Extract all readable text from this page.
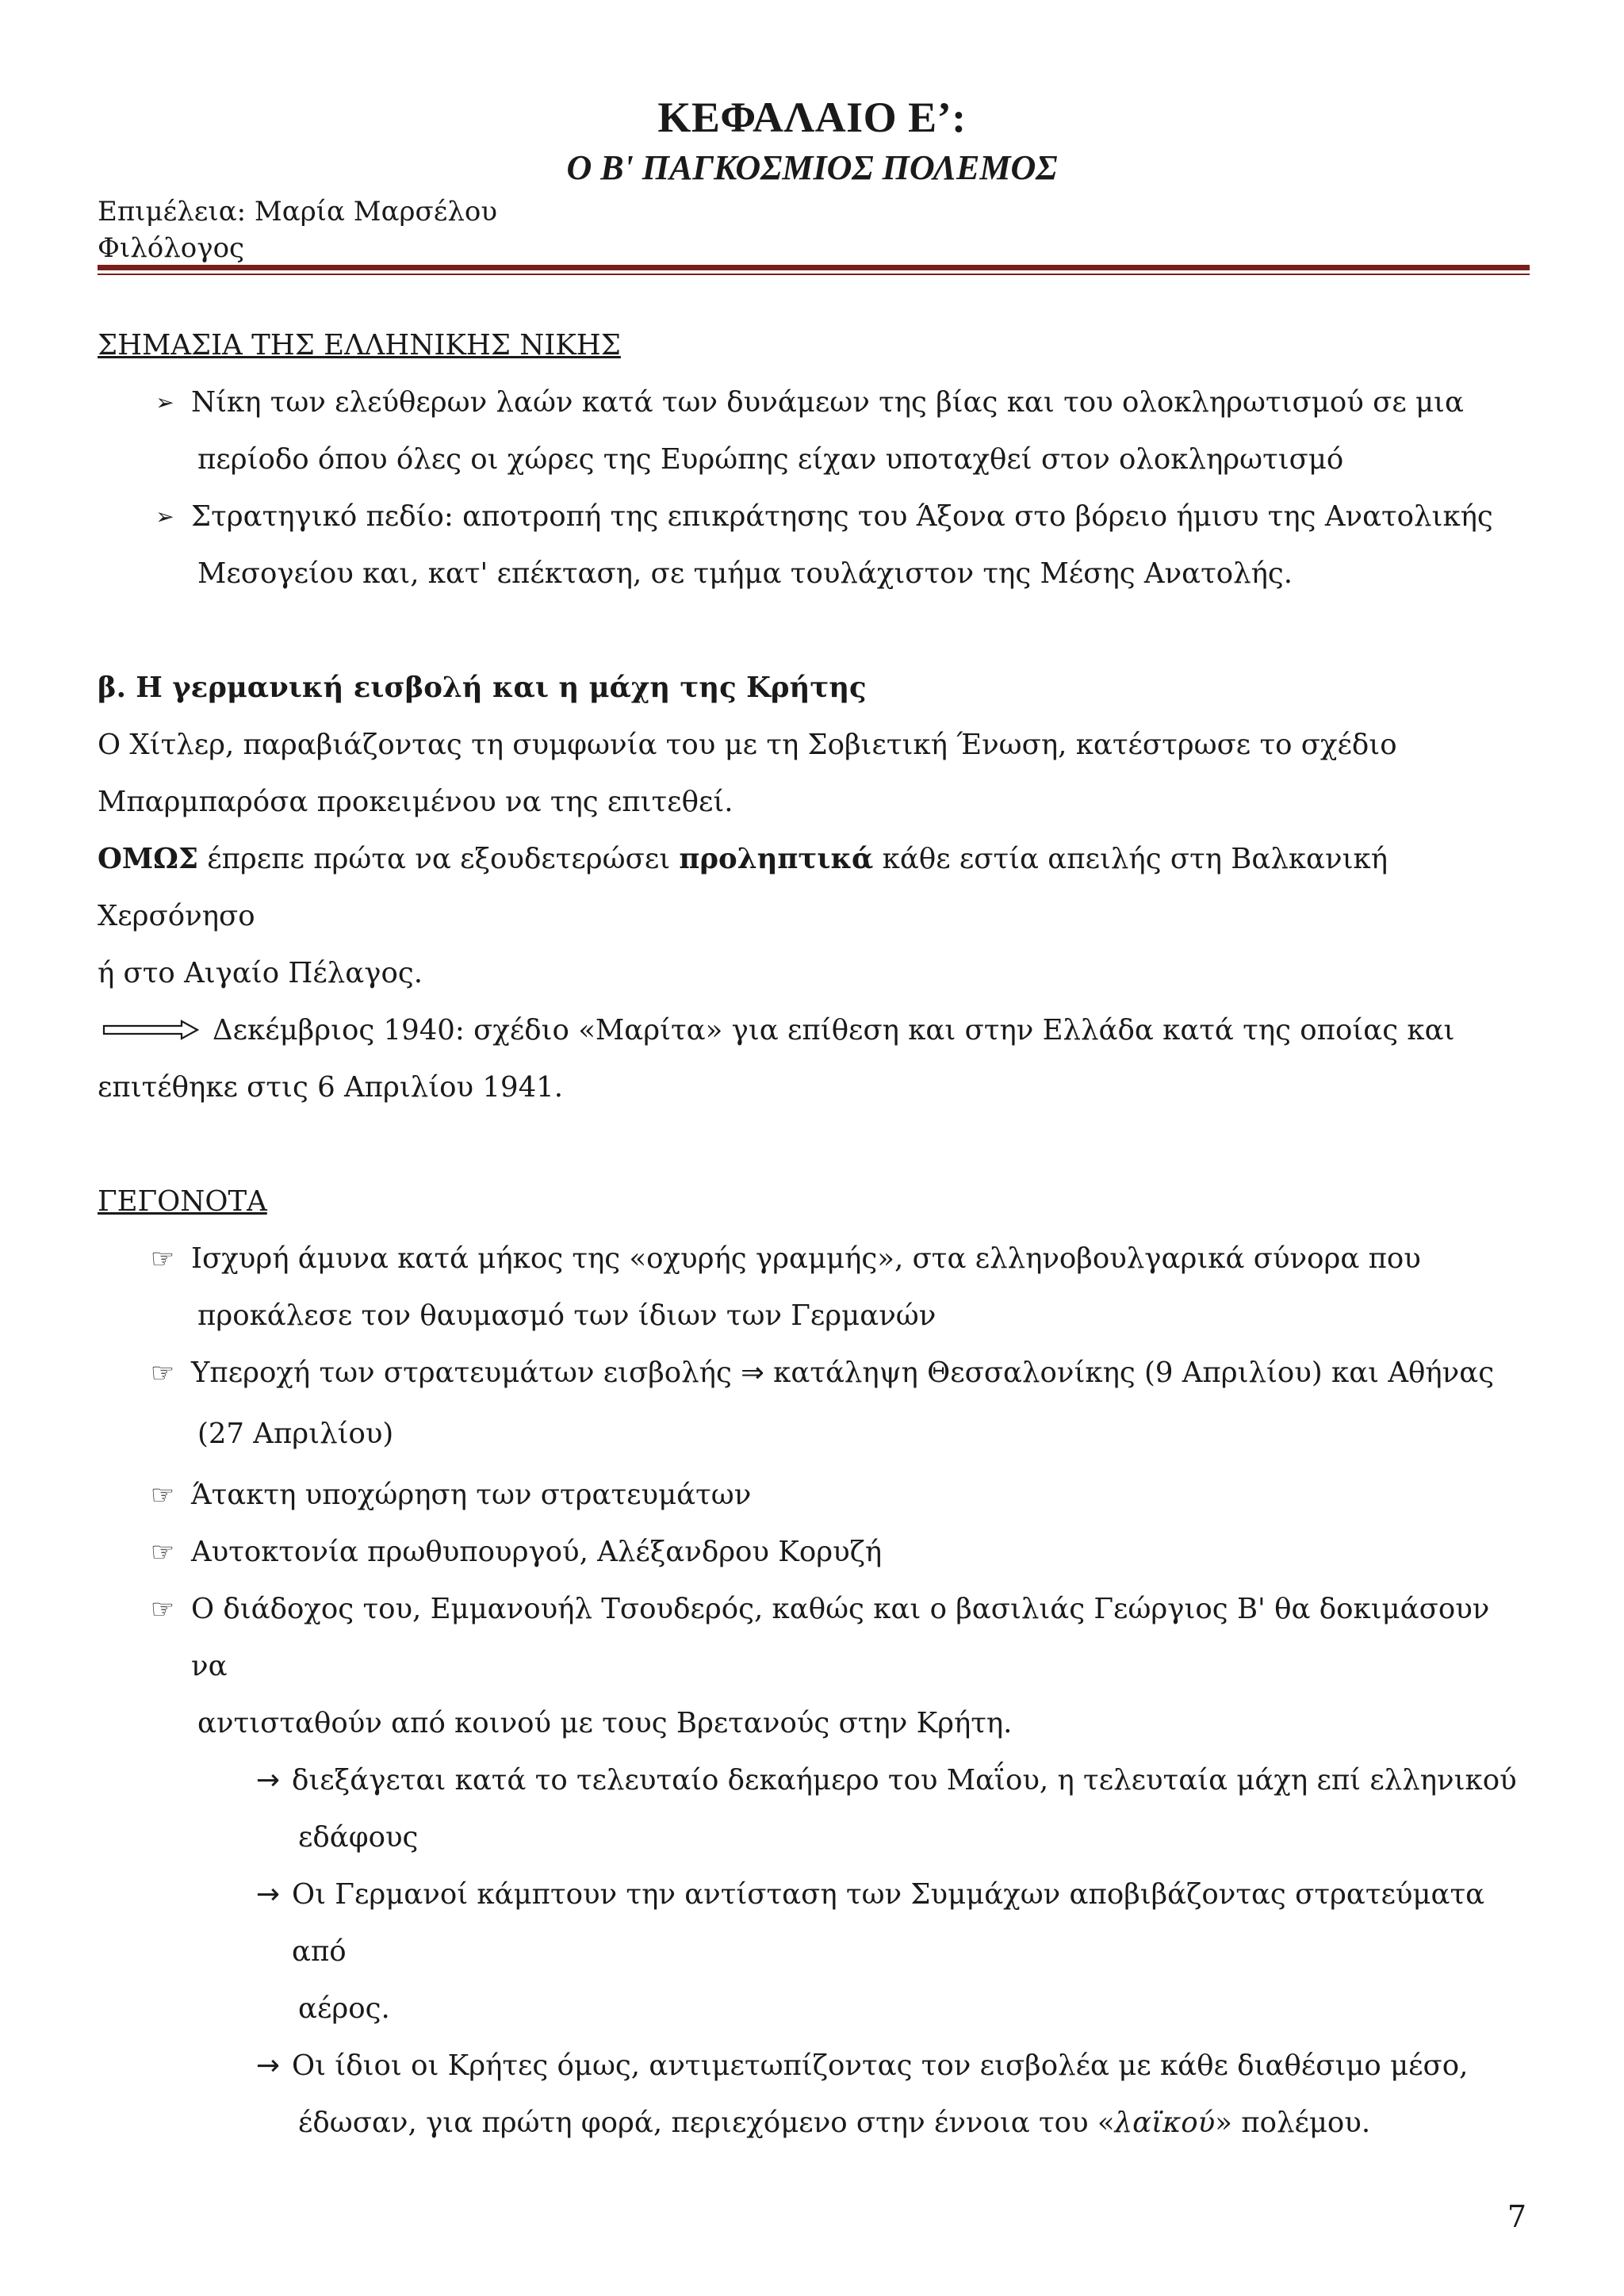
ΚΕΦΑΛΑΙΟ Ε’:
Ο Β' ΠΑΓΚΟΣΜΙΟΣ ΠΟΛΕΜΟΣ
Επιμέλεια: Μαρία Μαρσέλου
Φιλόλογος
ΣΗΜΑΣΙΑ ΤΗΣ ΕΛΛΗΝΙΚΗΣ ΝΙΚΗΣ
➢ Νίκη των ελεύθερων λαών κατά των δυνάμεων της βίας και του ολοκληρωτισμού σε μια
περίοδο όπου όλες οι χώρες της Ευρώπης είχαν υποταχθεί στον ολοκληρωτισμό
➢ Στρατηγικό πεδίο: αποτροπή της επικράτησης του Άξονα στο βόρειο ήμισυ της Ανατολικής
Μεσογείου και, κατ' επέκταση, σε τμήμα τουλάχιστον της Μέσης Ανατολής.
β. Η γερμανική εισβολή και η μάχη της Κρήτης
Ο Χίτλερ, παραβιάζοντας τη συμφωνία του με τη Σοβιετική Ένωση, κατέστρωσε το σχέδιο
Μπαρμπαρόσα προκειμένου να της επιτεθεί.
ΟΜΩΣ έπρεπε πρώτα να εξουδετερώσει προληπτικά κάθε εστία απειλής στη Βαλκανική Χερσόνησο
ή στο Αιγαίο Πέλαγος.
Δεκέμβριος 1940: σχέδιο «Μαρίτα» για επίθεση και στην Ελλάδα κατά της οποίας και
επιτέθηκε στις 6 Απριλίου 1941.
ΓΕΓΟΝΟΤΑ
☞ Ισχυρή άμυνα κατά μήκος της «οχυρής γραμμής», στα ελληνοβουλγαρικά σύνορα που
προκάλεσε τον θαυμασμό των ίδιων των Γερμανών
☞ Υπεροχή των στρατευμάτων εισβολής ⇒ κατάληψη Θεσσαλονίκης (9 Απριλίου) και Αθήνας
(27 Απριλίου)
☞ Άτακτη υποχώρηση των στρατευμάτων
☞ Αυτοκτονία πρωθυπουργού, Αλέξανδρου Κορυζή
☞ Ο διάδοχος του, Εμμανουήλ Τσουδερός, καθώς και ο βασιλιάς Γεώργιος Β' θα δοκιμάσουν να
αντισταθούν από κοινού με τους Βρετανούς στην Κρήτη.
→ διεξάγεται κατά το τελευταίο δεκαήμερο του Μαΐου, η τελευταία μάχη επί ελληνικού
εδάφους
→ Οι Γερμανοί κάμπτουν την αντίσταση των Συμμάχων αποβιβάζοντας στρατεύματα από
αέρος.
→ Οι ίδιοι οι Κρήτες όμως, αντιμετωπίζοντας τον εισβολέα με κάθε διαθέσιμο μέσο,
έδωσαν, για πρώτη φορά, περιεχόμενο στην έννοια του «λαϊκού» πολέμου.
7
